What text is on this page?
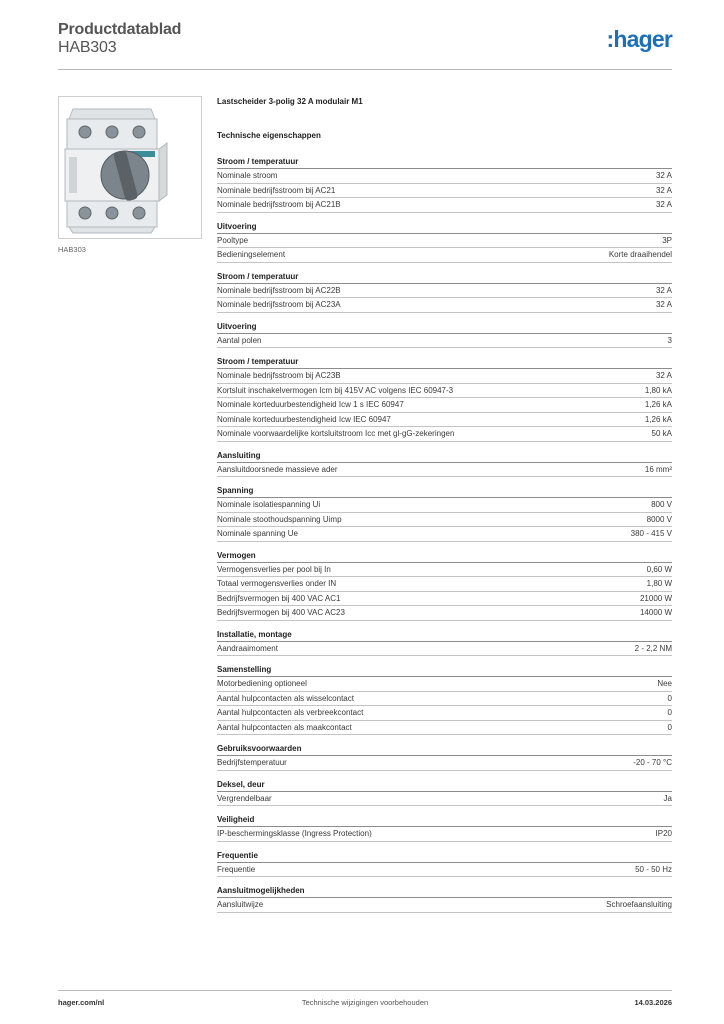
Productdatablad
HAB303	:hager
HAB303
Lastscheider 3-polig 32 A modulair M1
Technische eigenschappen
Stroom / temperatuur
Nominale stroom	32 A
Nominale bedrijfsstroom bij AC21	32 A
Nominale bedrijfsstroom bij AC21B	32 A
Uitvoering
Pooltype	3P
Bedieningselement	Korte draaihendel
Stroom / temperatuur
Nominale bedrijfsstroom bij AC22B	32 A
Nominale bedrijfsstroom bij AC23A	32 A
Uitvoering
Aantal polen	3
Stroom / temperatuur
Nominale bedrijfsstroom bij AC23B	32 A
Kortsluit inschakelvermogen Icm bij 415V AC volgens IEC 60947-3	1,80 kA
Nominale korteduurbestendigheid Icw 1 s IEC 60947	1,26 kA
Nominale korteduurbestendigheid Icw IEC 60947	1,26 kA
Nominale voorwaardelijke kortsluitstroom Icc met gl-gG-zekeringen	50 kA
Aansluiting
Aansluitdoorsnede massieve ader	16 mm²
Spanning
Nominale isolatiespanning Ui	800 V
Nominale stoothoudspanning Uimp	8000 V
Nominale spanning Ue	380 - 415 V
Vermogen
Vermogensverlies per pool bij In	0,60 W
Totaal vermogensverlies onder IN	1,80 W
Bedrijfsvermogen bij 400 VAC AC1	21000 W
Bedrijfsvermogen bij 400 VAC AC23	14000 W
Installatie, montage
Aandraaimoment	2 - 2,2 NM
Samenstelling
Motorbediening optioneel	Nee
Aantal hulpcontacten als wisselcontact	0
Aantal hulpcontacten als verbreekcontact	0
Aantal hulpcontacten als maakcontact	0
Gebruiksvoorwaarden
Bedrijfstemperatuur	-20 - 70 °C
Deksel, deur
Vergrendelbaar	Ja
Veiligheid
IP-beschermingsklasse (Ingress Protection)	IP20
Frequentie
Frequentie	50 - 50 Hz
Aansluitmogelijkheden
Aansluitwijze	Schroefaansluiting
hager.com/nl	Technische wijzigingen voorbehouden	14.03.2026
